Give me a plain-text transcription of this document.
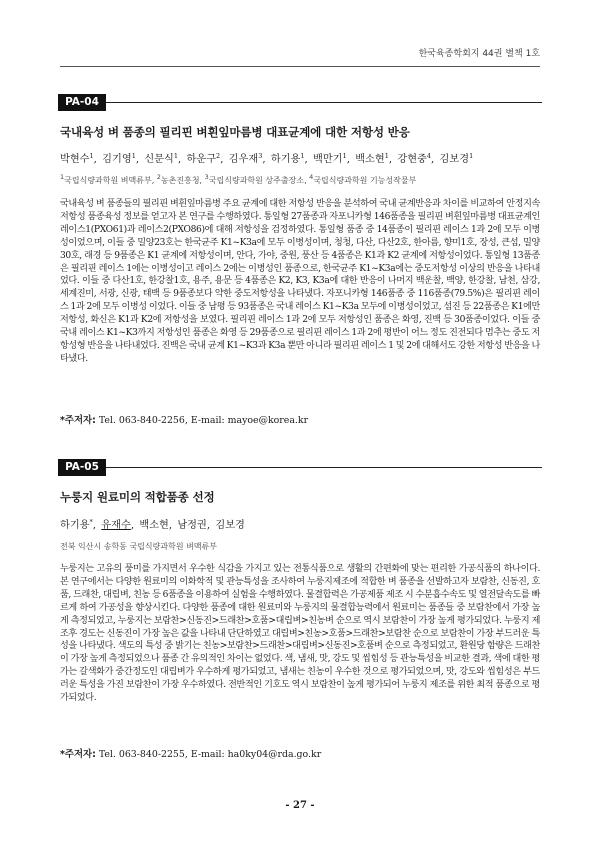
한국육종학회지 44권 별책 1호
PA-04
국내육성 벼 품종의 필리핀 벼흰잎마름병 대표균계에 대한 저항성 반응
박현수$^1$, 김기영$^1$, 신문식$^1$, 하운구$^2$, 김우재$^3$, 하기용$^1$, 백만기$^1$, 백소현$^1$, 강현중$^4$, 김보경$^1$
$^1$국립식량과학원 벼맥류부, $^2$농촌진흥청, $^3$국립식량과학원 상주출장소, $^4$국립식량과학원 기능성작물부

국내육성 벼 품종들의 필리핀 벼흰잎마름병 주요 균계에 대한 저항성 반응을 분석하여 국내 균계반응과 차이를 비교하여 안정지속 저항성 품종육성 정보를 얻고자 본 연구를 수행하였다. 통일형 27품종과 자포니카형 146품종을 필리핀 벼흰잎마름병 대표균계인 레이스1(PXO61)과 레이스2(PXO86)에 대해 저항성을 검정하였다. 통일형 품종 중 14품종이 필리핀 레이스 1과 2에 모두 이병성이었으며, 이들 중 밀양23호는 한국균주 K1~K3a에 모두 이병성이며, 청청, 다산, 다산2호, 한아름, 향미1호, 장성, 큰섬, 밀양30호, 래경 등 9품종은 K1 균계에 저항성이며, 안다, 가야, 중원, 풍산 등 4품종은 K1과 K2 균계에 저항성이었다. 통일형 13품종은 필리핀 레이스 1에는 이병성이고 레이스 2에는 이병성인 품종으로, 한국균주 K1~K3a에는 중도저항성 이상의 반응을 나타내었다. 이들 중 다산1호, 한강찰1호, 용주, 용문 등 4품종은 K2, K3, K3a에 대한 반응이 나머지 백운찰, 백양, 한강찰, 남천, 삼강, 세계진미, 서광, 신광, 태백 등 9품종보다 약한 중도저항성을 나타냈다. 자포니카형 146품종 중 116품종(79.5%)은 필리핀 레이스 1과 2에 모두 이병성 이었다. 이들 중 남평 등 93품종은 국내 레이스 K1~K3a 모두에 이병성이었고, 섬진 등 22품종은 K1에만 저항성, 화신은 K1과 K2에 저항성을 보였다. 필리핀 레이스 1과 2에 모두 저항성인 품종은 화영, 진백 등 30품종이었다. 이들 중 국내 레이스 K1~K3까지 저항성인 품종은 화영 등 29품종으로 필리핀 레이스 1과 2에 평반이 어느 정도 진전되다 멈추는 중도 저항성형 반응을 나타내었다. 진백은 국내 균계 K1~K3과 K3a 뿐만 아니라 필리핀 레이스 1 및 2에 대해서도 강한 저항성 반응을 나타냈다.

*주저자: Tel. 063-840-2256, E-mail: mayoe@korea.kr
PA-05
누룽지 원료미의 적합품종 선정
하기용*, 유재수, 백소현, 남정권, 김보경
전북 익산시 송학동 국립식량과학원 벼맥류부

누룽지는 고유의 풍미를 가지면서 우수한 식감을 가지고 있는 전통식품으로 생활의 간편화에 맞는 편리한 가공식품의 하나이다. 본 연구에서는 다양한 원료미의 이화학적 및 관능특성을 조사하여 누룽지제조에 적합한 벼 품종을 선발하고자 보람찬, 신동진, 호품, 드래찬, 대립벼, 친농 등 6품종을 이용하여 실험을 수행하였다. 물결합력은 가공제품 제조 시 수분흡수속도 및 열전달속도를 빠르게 하여 가공성을 향상시킨다. 다양한 품종에 대한 원료미와 누룽지의 물결합능력에서 원료미는 품종들 중 보람찬에서 가장 높게 측정되었고, 누룽지는 보람찬>신동진>드래찬>호품>대립벼>친농벼 순으로 역시 보람찬이 가장 높게 평가되었다. 누룽지 제조후 경도는 신동진이 가장 높은 값을 나타내 단단하였고 대립벼>친농>호품>드래찬>보람찬 순으로 보람찬이 가장 부드러운 특성을 나타냈다. 색도의 특성 중 밝기는 친농>보람찬>드래찬>대립벼>신동진>호품벼 순으로 측정되었고, 환원당 함량은 드래찬이 가장 높게 측정되었으나 품종 간 유의적인 차이는 없었다. 색, 냄새, 맛, 강도 및 씹힘성 등 관능특성을 비교한 결과, 색에 대한 평가는 갈색화가 중간정도인 대립벼가 우수하게 평가되었고, 냄새는 친농이 우수한 것으로 평가되었으며, 맛, 강도와 씹힘성은 부드러운 특성을 가진 보람찬이 가장 우수하였다. 전반적인 기호도 역시 보람찬이 높게 평가되어 누룽지 제조를 위한 최적 품종으로 평가되었다.

*주저자: Tel. 063-840-2255, E-mail: ha0ky04@rda.go.kr
- 27 -
